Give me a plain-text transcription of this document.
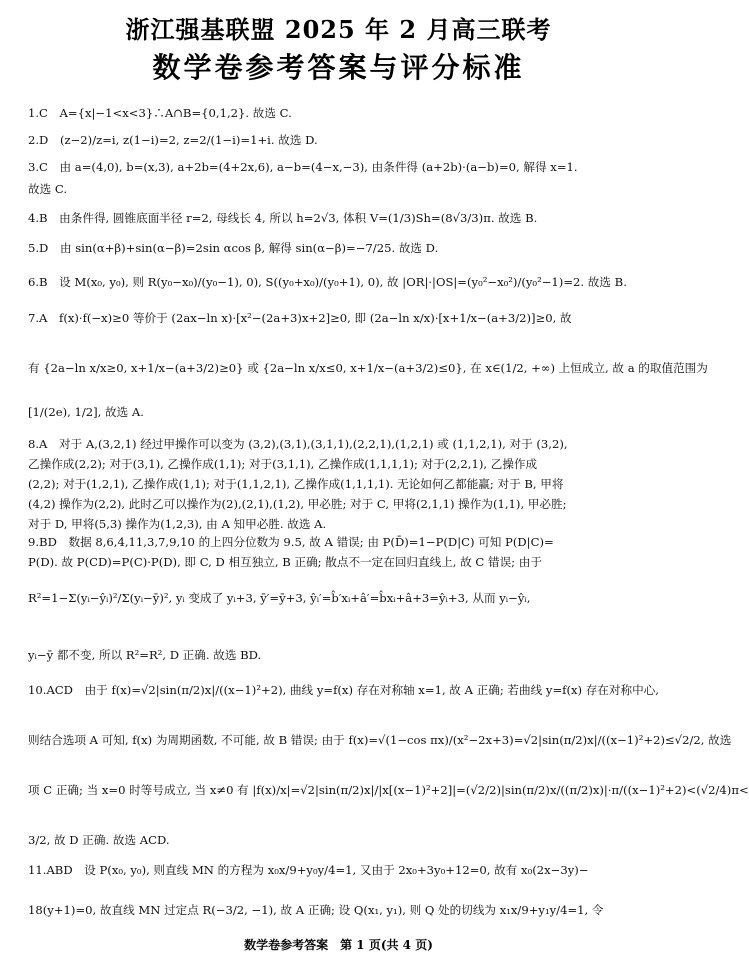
浙江强基联盟 2025 年 2 月高三联考
数学卷参考答案与评分标准

1.C　A={x|−1<x<3}∴A∩B={0,1,2}. 故选 C.

2.D　(z−2)/z=i, z(1−i)=2, z=2/(1−i)=1+i. 故选 D.

3.C　由 a=(4,0), b=(x,3), a+2b=(4+2x,6), a−b=(4−x,−3), 由条件得 (a+2b)·(a−b)=0, 解得 x=1.

故选 C.

4.B　由条件得, 圆锥底面半径 r=2, 母线长 4, 所以 h=2√3, 体积 V=(1/3)Sh=(8√3/3)π. 故选 B.

5.D　由 sin(α+β)+sin(α−β)=2sin αcos β, 解得 sin(α−β)=−7/25. 故选 D.

6.B　设 M(x₀, y₀), 则 R(y₀−x₀)/(y₀−1), 0), S((y₀+x₀)/(y₀+1), 0), 故 |OR|·|OS|=(y₀²−x₀²)/(y₀²−1)=2. 故选 B.

7.A　f(x)·f(−x)≥0 等价于 (2ax−ln x)·[x²−(2a+3)x+2]≥0, 即 (2a−ln x/x)·[x+1/x−(a+3/2)]≥0, 故

有 {2a−ln x/x≥0, x+1/x−(a+3/2)≥0} 或 {2a−ln x/x≤0, x+1/x−(a+3/2)≤0}, 在 x∈(1/2, +∞) 上恒成立, 故 a 的取值范围为

[1/(2e), 1/2], 故选 A.

8.A　对于 A,(3,2,1) 经过甲操作可以变为 (3,2),(3,1),(3,1,1),(2,2,1),(1,2,1) 或 (1,1,2,1), 对于 (3,2),

乙操作成(2,2); 对于(3,1), 乙操作成(1,1); 对于(3,1,1), 乙操作成(1,1,1,1); 对于(2,2,1), 乙操作成

(2,2); 对于(1,2,1), 乙操作成(1,1); 对于(1,1,2,1), 乙操作成(1,1,1,1). 无论如何乙都能赢; 对于 B, 甲将

(4,2) 操作为(2,2), 此时乙可以操作为(2),(2,1),(1,2), 甲必胜; 对于 C, 甲将(2,1,1) 操作为(1,1), 甲必胜;

对于 D, 甲将(5,3) 操作为(1,2,3), 由 A 知甲必胜. 故选 A.

9.BD　数据 8,6,4,11,3,7,9,10 的上四分位数为 9.5, 故 A 错误; 由 P(D̄)=1−P(D|C) 可知 P(D|C)=

P(D). 故 P(CD)=P(C)·P(D), 即 C, D 相互独立, B 正确; 散点不一定在回归直线上, 故 C 错误; 由于

R²=1−Σ(yᵢ−ŷᵢ)²/Σ(yᵢ−ȳ)², yᵢ 变成了 yᵢ+3, ȳ′=ȳ+3, ŷᵢ′=b̂′xᵢ+â′=b̂xᵢ+â+3=ŷᵢ+3, 从而 yᵢ−ŷᵢ,

yᵢ−ȳ 都不变, 所以 R²=R², D 正确. 故选 BD.

10.ACD　由于 f(x)=√2|sin(π/2)x|/((x−1)²+2), 曲线 y=f(x) 存在对称轴 x=1, 故 A 正确; 若曲线 y=f(x) 存在对称中心,

则结合选项 A 可知, f(x) 为周期函数, 不可能, 故 B 错误; 由于 f(x)=√(1−cos πx)/(x²−2x+3)=√2|sin(π/2)x|/((x−1)²+2)≤√2/2, 故选

项 C 正确; 当 x=0 时等号成立, 当 x≠0 有 |f(x)/x|=√2|sin(π/2)x|/|x[(x−1)²+2]|=(√2/2)|sin(π/2)x/((π/2)x)|·π/((x−1)²+2)<(√2/4)π<

3/2, 故 D 正确. 故选 ACD.

11.ABD　设 P(x₀, y₀), 则直线 MN 的方程为 x₀x/9+y₀y/4=1, 又由于 2x₀+3y₀+12=0, 故有 x₀(2x−3y)−

18(y+1)=0, 故直线 MN 过定点 R(−3/2, −1), 故 A 正确; 设 Q(x₁, y₁), 则 Q 处的切线为 x₁x/9+y₁y/4=1, 令

数学卷参考答案　第 1 页(共 4 页)
